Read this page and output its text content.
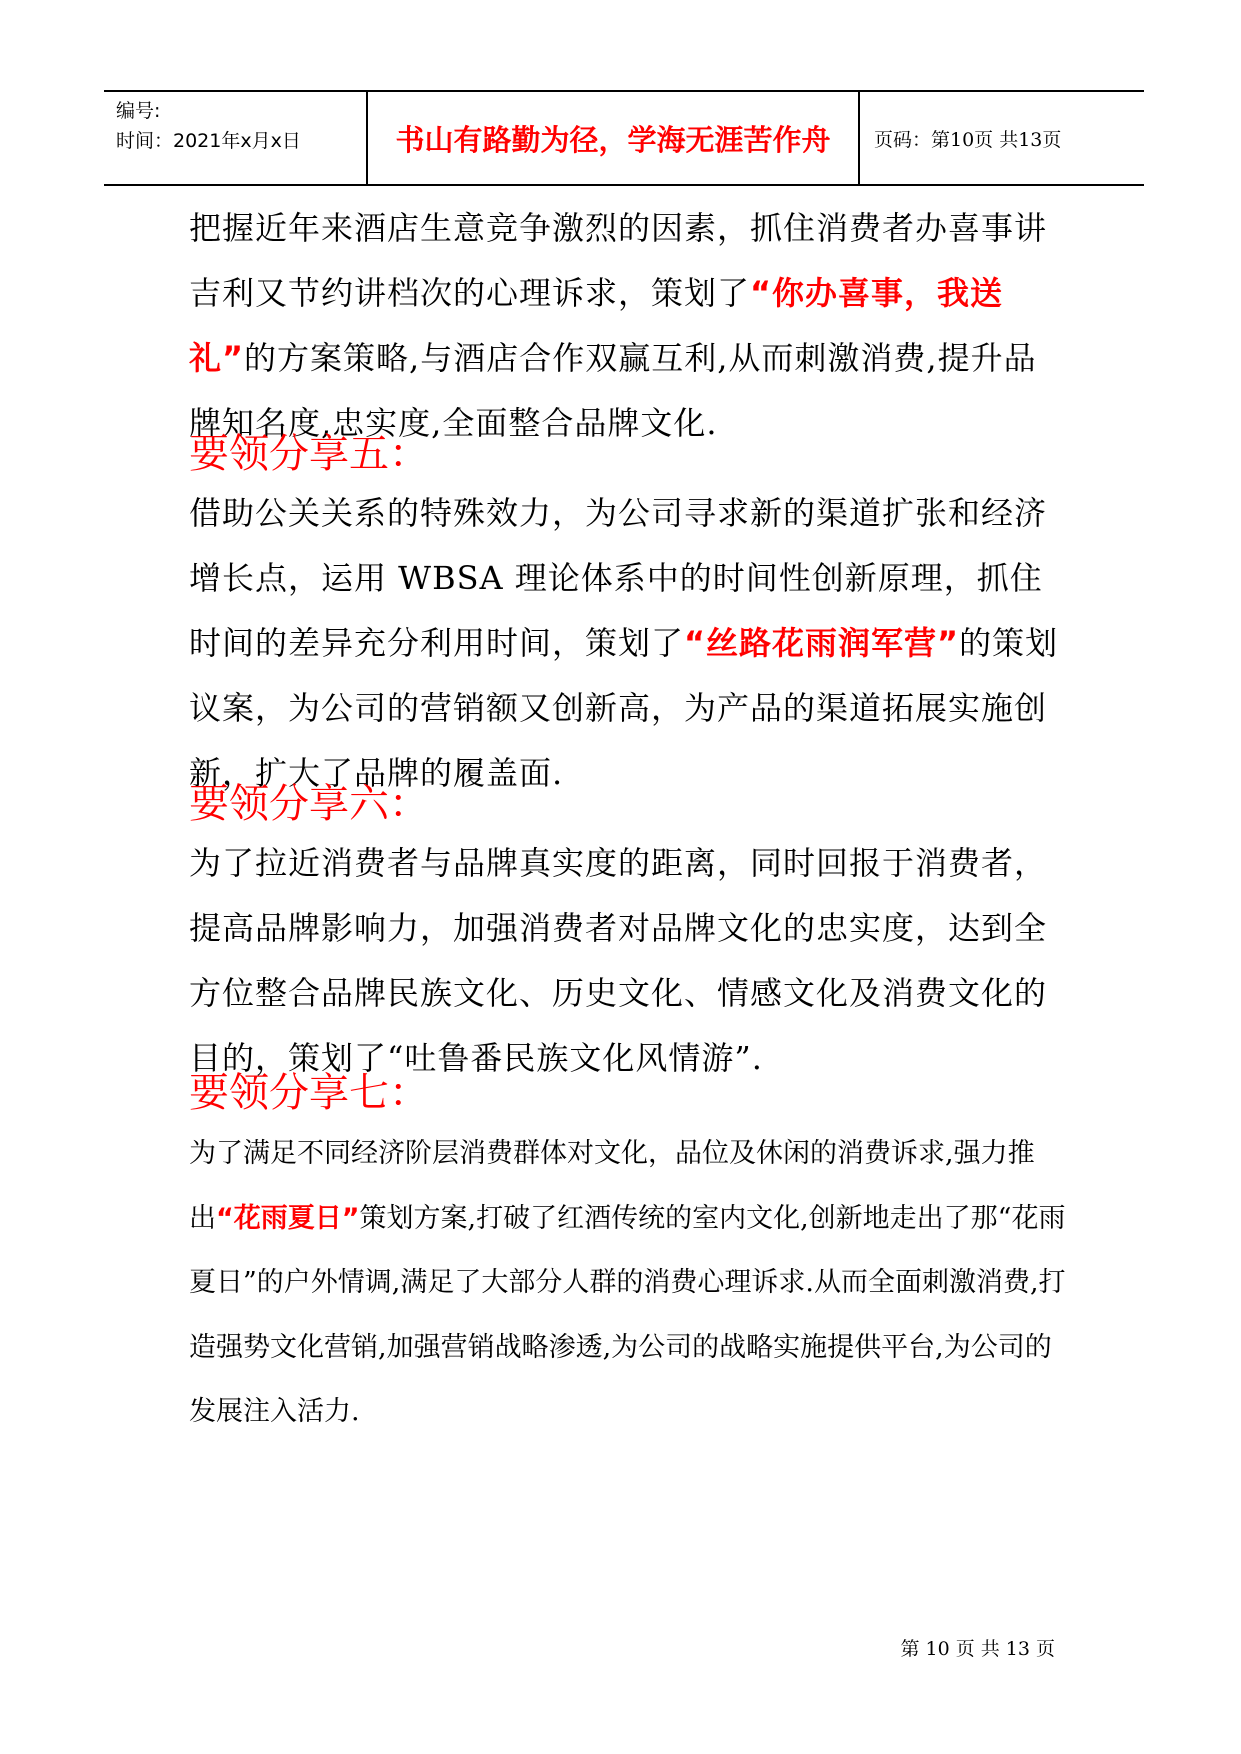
编号:
时间：2021年x月x日	书山有路勤为径，学海无涯苦作舟	页码：第10页 共13页
把握近年来酒店生意竞争激烈的因素，抓住消费者办喜事讲吉利又节约讲档次的心理诉求，策划了“你办喜事，我送礼”的方案策略,与酒店合作双赢互利,从而刺激消费,提升品牌知名度,忠实度,全面整合品牌文化.
要领分享五：
借助公关关系的特殊效力，为公司寻求新的渠道扩张和经济增长点，运用 WBSA 理论体系中的时间性创新原理，抓住时间的差异充分利用时间，策划了“丝路花雨润军营”的策划议案，为公司的营销额又创新高，为产品的渠道拓展实施创新，扩大了品牌的履盖面.
要领分享六：
为了拉近消费者与品牌真实度的距离，同时回报于消费者，提高品牌影响力，加强消费者对品牌文化的忠实度，达到全方位整合品牌民族文化、历史文化、情感文化及消费文化的目的，策划了“吐鲁番民族文化风情游”.
要领分享七：
为了满足不同经济阶层消费群体对文化，品位及休闲的消费诉求,强力推出“花雨夏日”策划方案,打破了红酒传统的室内文化,创新地走出了那“花雨夏日”的户外情调,满足了大部分人群的消费心理诉求.从而全面刺激消费,打造强势文化营销,加强营销战略渗透,为公司的战略实施提供平台,为公司的发展注入活力.
第 10 页 共 13 页
